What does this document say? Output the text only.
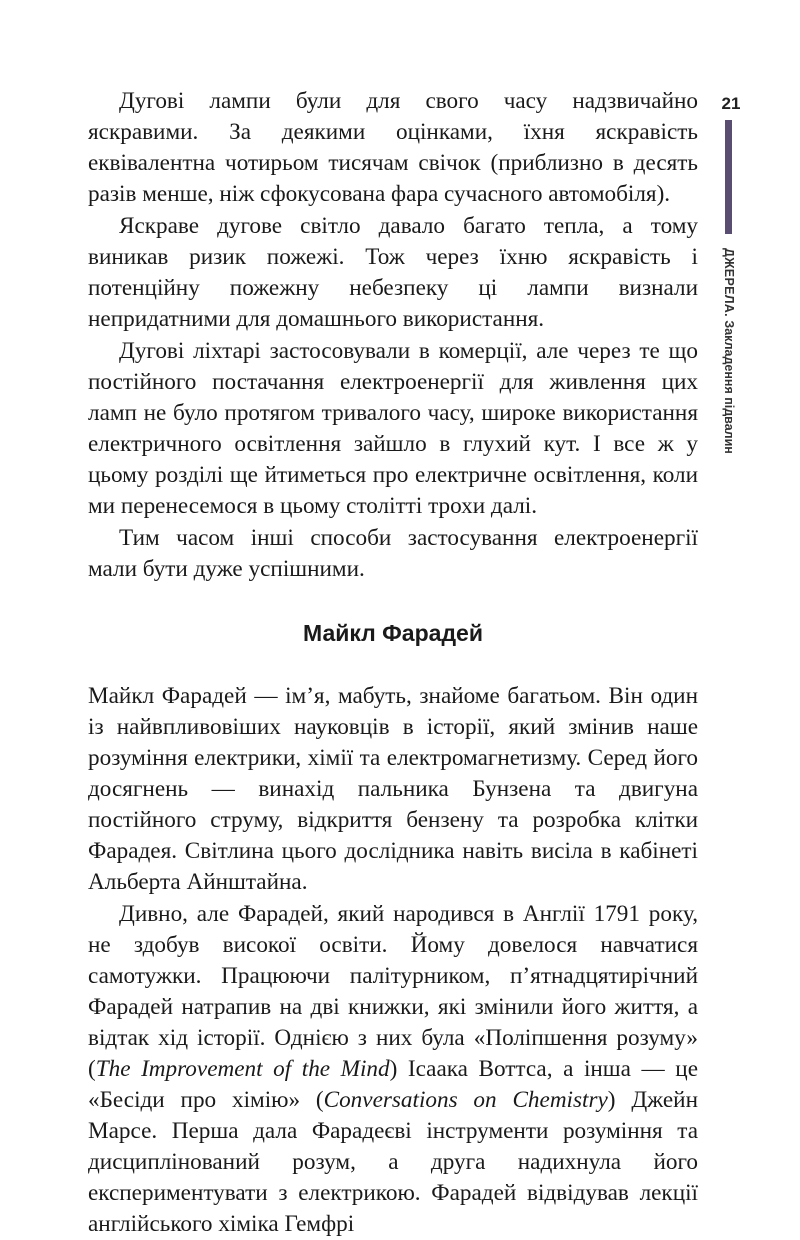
21
ДЖЕРЕЛА. Закладення підвалин

Дугові лампи були для свого часу надзвичайно яскравими. За деякими оцінками, їхня яскравість еквівалентна чотирьом тисячам свічок (приблизно в десять разів менше, ніж сфокусована фара сучасного автомобіля).

Яскраве дугове світло давало багато тепла, а тому виникав ризик пожежі. Тож через їхню яскравість і потенційну пожежну небезпеку ці лампи визнали непридатними для домашнього використання.

Дугові ліхтарі застосовували в комерції, але через те що постійного постачання електроенергії для живлення цих ламп не було протягом тривалого часу, широке використання електричного освітлення зайшло в глухий кут. І все ж у цьому розділі ще йтиметься про електричне освітлення, коли ми перенесемося в цьому столітті трохи далі.

Тим часом інші способи застосування електроенергії мали бути дуже успішними.

Майкл Фарадей

Майкл Фарадей — ім’я, мабуть, знайоме багатьом. Він один із найвпливовіших науковців в історії, який змінив наше розуміння електрики, хімії та електромагнетизму. Серед його досягнень — винахід пальника Бунзена та двигуна постійного струму, відкриття бензену та розробка клітки Фарадея. Світлина цього дослідника навіть висіла в кабінеті Альберта Айнштайна.

Дивно, але Фарадей, який народився в Англії 1791 року, не здобув високої освіти. Йому довелося навчатися самотужки. Працюючи палітурником, п’ятнадцятирічний Фарадей натрапив на дві книжки, які змінили його життя, а відтак хід історії. Однією з них була «Поліпшення розуму» (The Improvement of the Mind) Ісаака Воттса, а інша — це «Бесіди про хімію» (Conversations on Chemistry) Джейн Марсе. Перша дала Фарадеєві інструменти розуміння та дисциплінований розум, а друга надихнула його експериментувати з електрикою. Фарадей відвідував лекції англійського хіміка Гемфрі
